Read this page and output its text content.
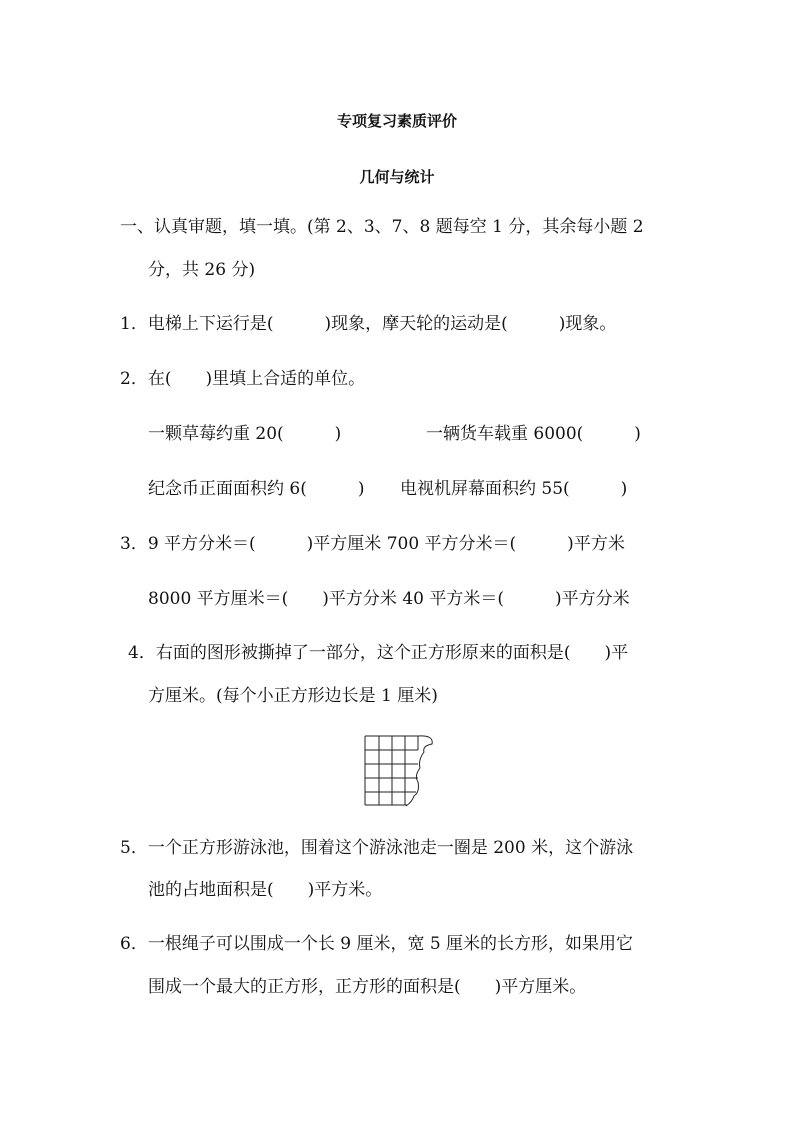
专项复习素质评价
几何与统计
一、认真审题，填一填。(第 2、3、7、8 题每空 1 分，其余每小题 2
分，共 26 分)
1．电梯上下运行是(　　　)现象，摩天轮的运动是(　　　)现象。
2．在(　　)里填上合适的单位。
一颗草莓约重 20(　　　)	一辆货车载重 6000(　　　)
纪念币正面面积约 6(　　　) 电视机屏幕面积约 55(　　　)
3．9 平方分米＝(　　　)平方厘米 700 平方分米＝(　　　)平方米
8000 平方厘米＝(　　)平方分米 40 平方米＝(　　　)平方分米
4．右面的图形被撕掉了一部分，这个正方形原来的面积是(　　)平
方厘米。(每个小正方形边长是 1 厘米)
5．一个正方形游泳池，围着这个游泳池走一圈是 200 米，这个游泳
池的占地面积是(　　)平方米。
6．一根绳子可以围成一个长 9 厘米，宽 5 厘米的长方形，如果用它
围成一个最大的正方形，正方形的面积是(　　)平方厘米。
